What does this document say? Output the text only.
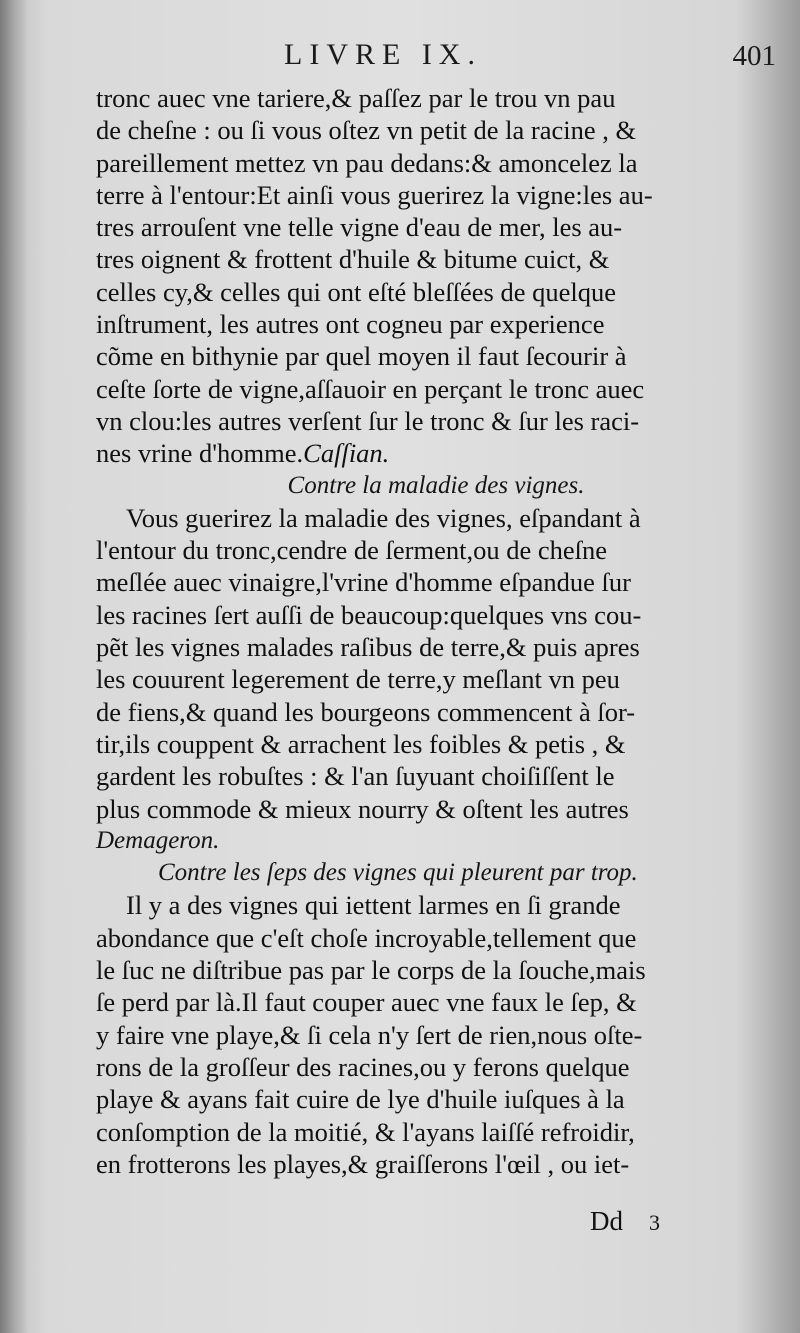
LIVRE IX.	401
tronc auec vne tariere,& paſſez par le trou vn pau
de cheſne : ou ſi vous oſtez vn petit de la racine , &
pareillement mettez vn pau dedans:& amoncelez la
terre à l'entour:Et ainſi vous guerirez la vigne:les au-
tres arrouſent vne telle vigne d'eau de mer, les au-
tres oignent & frottent d'huile & bitume cuict, &
celles cy,& celles qui ont eſté bleſſées de quelque
inſtrument, les autres ont cogneu par experience
cõme en bithynie par quel moyen il faut ſecourir à
ceſte ſorte de vigne,aſſauoir en perçant le tronc auec
vn clou:les autres verſent ſur le tronc & ſur les raci-
nes vrine d'homme.Caſſian.
Contre la maladie des vignes.
Vous guerirez la maladie des vignes, eſpandant à
l'entour du tronc,cendre de ſerment,ou de cheſne
meſlée auec vinaigre,l'vrine d'homme eſpandue ſur
les racines ſert auſſi de beaucoup:quelques vns cou-
pẽt les vignes malades raſibus de terre,& puis apres
les couurent legerement de terre,y meſlant vn peu
de fiens,& quand les bourgeons commencent à ſor-
tir,ils couppent & arrachent les foibles & petis , &
gardent les robuſtes : & l'an ſuyuant choiſiſſent le
plus commode & mieux nourry & oſtent les autres
Demageron.
Contre les ſeps des vignes qui pleurent par trop.
Il y a des vignes qui iettent larmes en ſi grande
abondance que c'eſt choſe incroyable,tellement que
le ſuc ne diſtribue pas par le corps de la ſouche,mais
ſe perd par là.Il faut couper auec vne faux le ſep, &
y faire vne playe,& ſi cela n'y ſert de rien,nous oſte-
rons de la groſſeur des racines,ou y ferons quelque
playe & ayans fait cuire de lye d'huile iuſques à la
conſomption de la moitié, & l'ayans laiſſé refroidir,
en frotterons les playes,& graiſſerons l'œil , ou iet-
Dd 3
